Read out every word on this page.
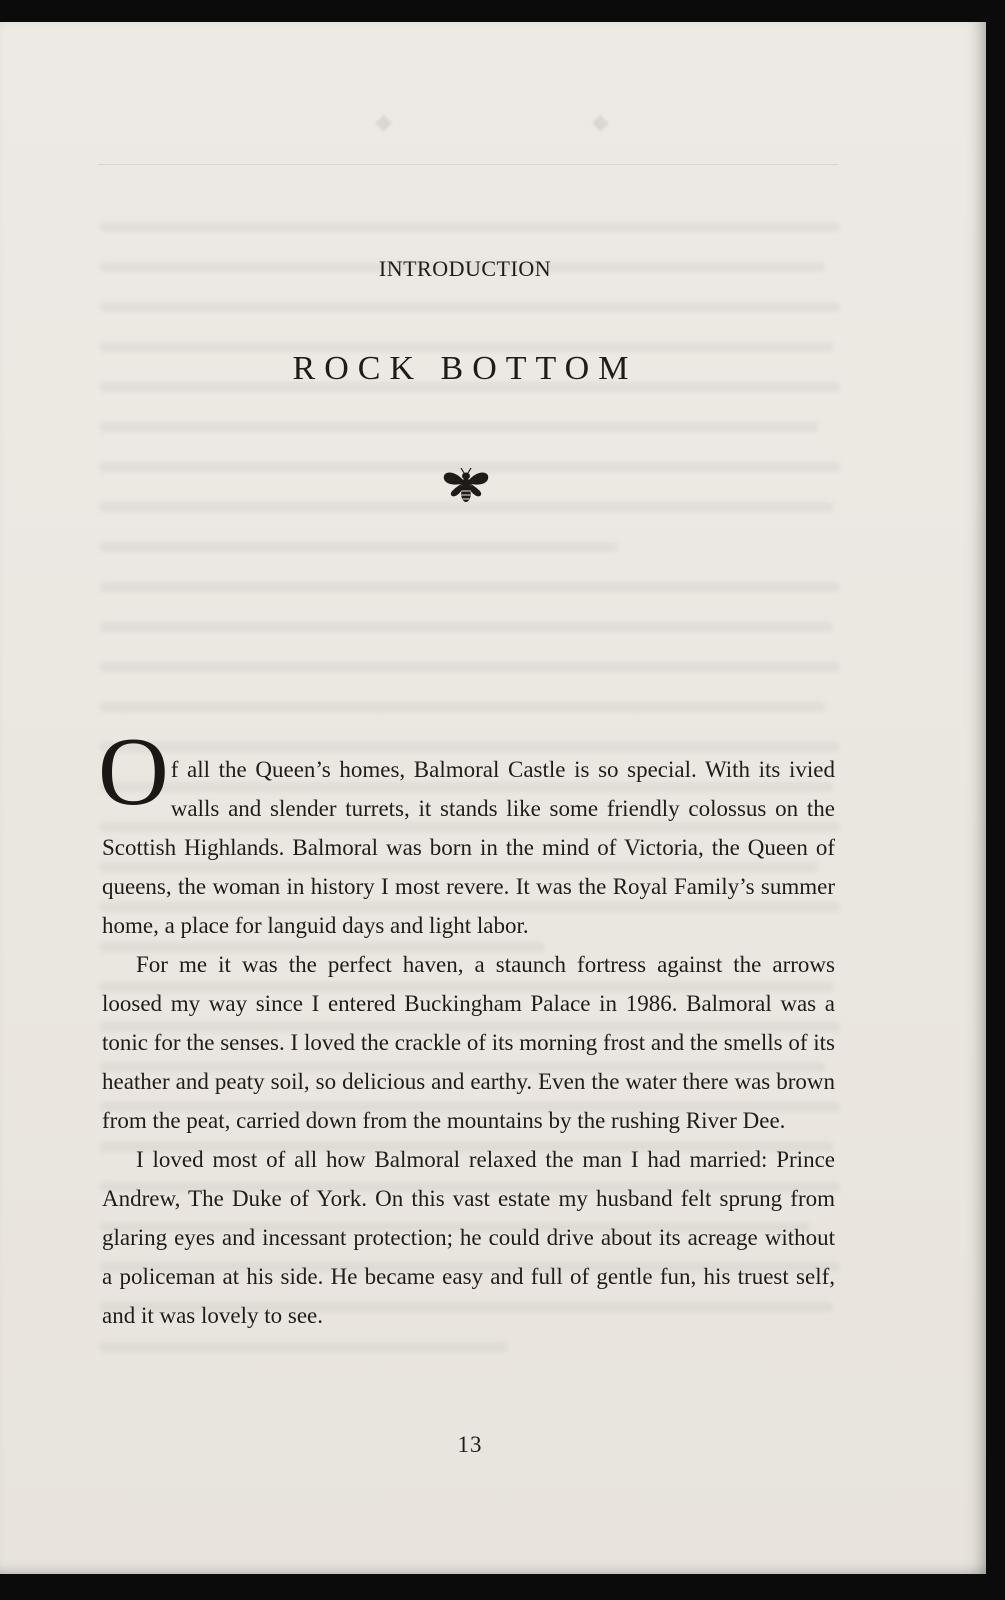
◆                      ◆
INTRODUCTION
ROCK BOTTOM

Of all the Queen’s homes, Balmoral Castle is so special. With its ivied walls and slender turrets, it stands like some friendly colossus on the Scottish Highlands. Balmoral was born in the mind of Victoria, the Queen of queens, the woman in history I most revere. It was the Royal Family’s summer home, a place for languid days and light labor.

For me it was the perfect haven, a staunch fortress against the arrows loosed my way since I entered Buckingham Palace in 1986. Balmoral was a tonic for the senses. I loved the crackle of its morning frost and the smells of its heather and peaty soil, so delicious and earthy. Even the water there was brown from the peat, carried down from the mountains by the rushing River Dee.

I loved most of all how Balmoral relaxed the man I had married: Prince Andrew, The Duke of York. On this vast estate my husband felt sprung from glaring eyes and incessant protection; he could drive about its acreage without a policeman at his side. He became easy and full of gentle fun, his truest self, and it was lovely to see.

13
